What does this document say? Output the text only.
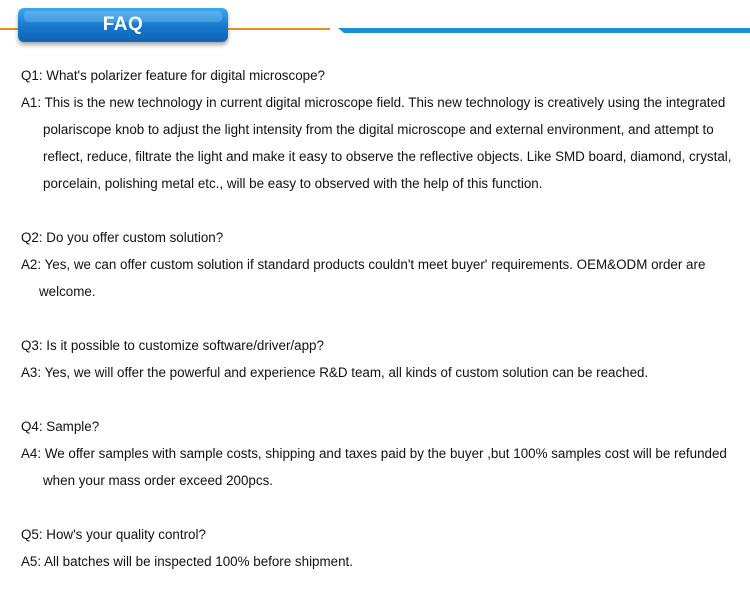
FAQ

Q1: What's polarizer feature for digital microscope?

A1: This is the new technology in current digital microscope field. This new technology is creatively using the integrated polariscope knob to adjust the light intensity from the digital microscope and external environment, and attempt to reflect, reduce, filtrate the light and make it easy to observe the reflective objects. Like SMD board, diamond, crystal, porcelain, polishing metal etc., will be easy to observed with the help of this function.

Q2: Do you offer custom solution?

A2: Yes, we can offer custom solution if standard products couldn't meet buyer' requirements. OEM&ODM order are welcome.

Q3: Is it possible to customize software/driver/app?

A3: Yes, we will offer the powerful and experience R&D team, all kinds of custom solution can be reached.

Q4: Sample?

A4: We offer samples with sample costs, shipping and taxes paid by the buyer ,but 100% samples cost will be refunded when your mass order exceed 200pcs.

Q5: How's your quality control?

A5: All batches will be inspected 100% before shipment.
